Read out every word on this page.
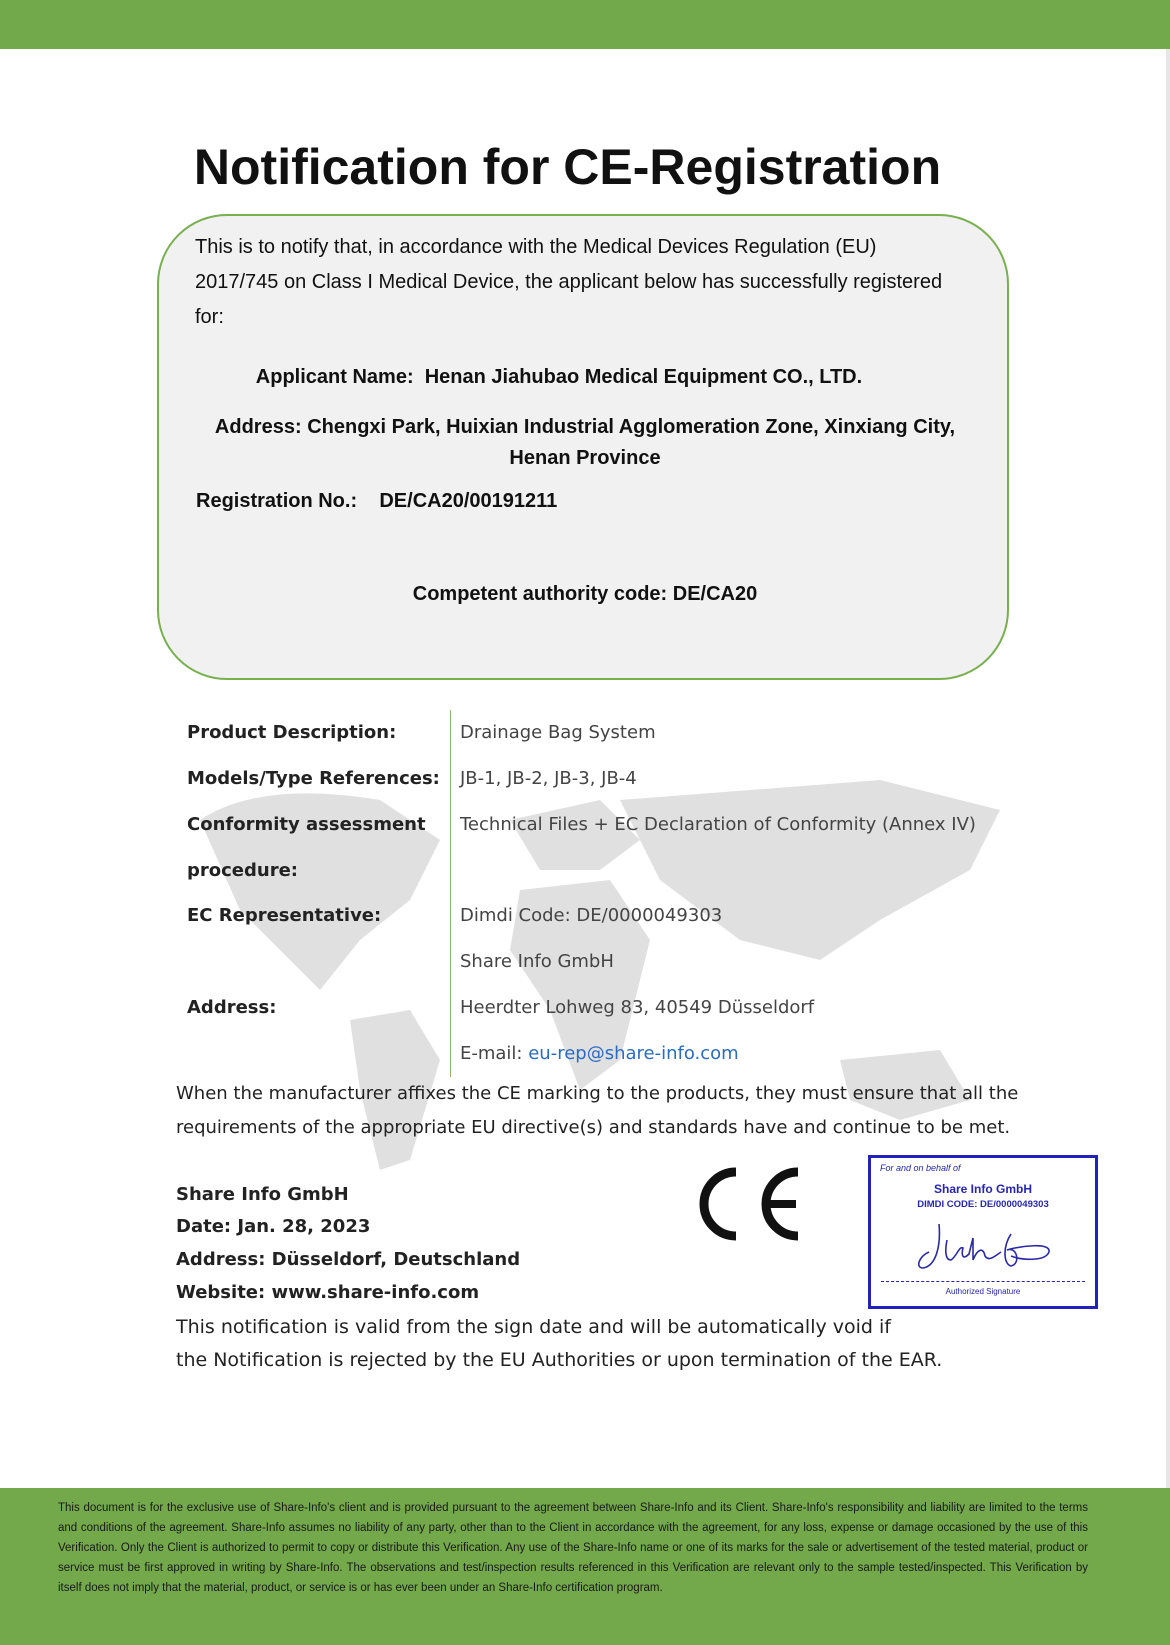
Notification for CE-Registration
This is to notify that, in accordance with the Medical Devices Regulation (EU) 2017/745 on Class I Medical Device, the applicant below has successfully registered for:
Applicant Name: Henan Jiahubao Medical Equipment CO., LTD.
Address: Chengxi Park, Huixian Industrial Agglomeration Zone, Xinxiang City,
Henan Province
Registration No.: DE/CA20/00191211
Competent authority code: DE/CA20
Product Description:	Drainage Bag System
Models/Type References: JB-1, JB-2, JB-3, JB-4
Conformity assessment
procedure:
Technical Files + EC Declaration of Conformity (Annex IV)
EC Representative:	Dimdi Code: DE/0000049303
Share Info GmbH
Address:	Heerdter Lohweg 83, 40549 Düsseldorf
E-mail: eu-rep@share-info.com
When the manufacturer affixes the CE marking to the products, they must ensure that all the
requirements of the appropriate EU directive(s) and standards have and continue to be met.
Share Info GmbH
Date: Jan. 28, 2023
Address: Düsseldorf, Deutschland
Website: www.share-info.com
This notification is valid from the sign date and will be automatically void if
the Notification is rejected by the EU Authorities or upon termination of the EAR.
For and on behalf of
Share Info GmbH
DIMDI CODE: DE/0000049303
Authorized Signature
This document is for the exclusive use of Share-Info's client and is provided pursuant to the agreement between Share-Info and its Client. Share-Info's responsibility and liability are limited to the terms and conditions of the agreement. Share-Info assumes no liability of any party, other than to the Client in accordance with the agreement, for any loss, expense or damage occasioned by the use of this Verification. Only the Client is authorized to permit to copy or distribute this Verification. Any use of the Share-Info name or one of its marks for the sale or advertisement of the tested material, product or service must be first approved in writing by Share-Info. The observations and test/inspection results referenced in this Verification are relevant only to the sample tested/inspected. This Verification by itself does not imply that the material, product, or service is or has ever been under an Share-Info certification program.
